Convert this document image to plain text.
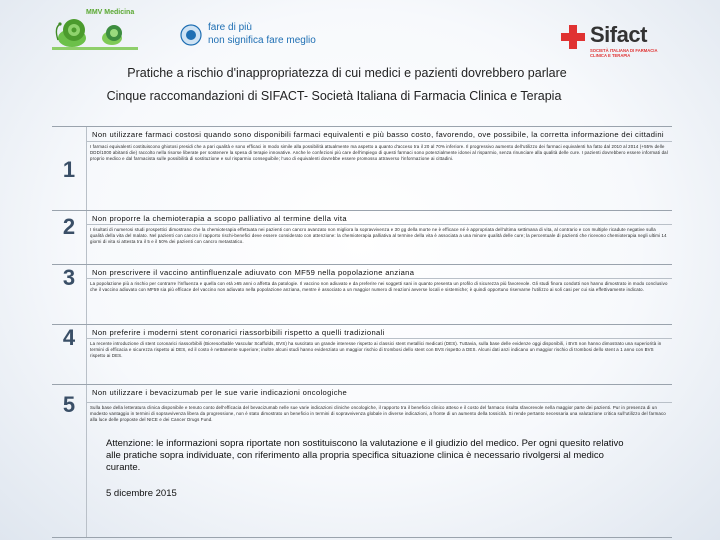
MMV Medicina
fare di più
non significa fare meglio	Sifact
SOCIETÀ ITALIANA DI FARMACIA CLINICA E TERAPIA
Pratiche a rischio d'inappropriatezza di cui medici e pazienti dovrebbero parlare
Cinque raccomandazioni di SIFACT- Società Italiana di Farmacia Clinica e Terapia
1
Non utilizzare farmaci costosi quando sono disponibili farmaci equivalenti e più basso costo, favorendo, ove possibile, la corretta informazione dei cittadini
I farmaci equivalenti costituiscono ghiotosi presidi che a pari qualità e sono efficaci in modo simile alla possibilità attualmente ma aspetto a quanto d'acceso tra il 20 al 70% inferiore. Il progressivo aumento dell'utilizzo dei farmaci equivalenti ha fatto dal 2010 al 2014 (+55% delle DDD/1000 abitanti die) raccolto nella risorse liberate per sostenere la spesa di terapie innovative. Anche le confezioni più care dell'impiego di questi farmaci sono potenzialmente idonei al risparmio, senza rinunciare alla qualità delle cure. I pazienti dovrebbero essere informati dal proprio medico e dal farmacista sulle possibilità di sostituzione e sul risparmio conseguibile; l'uso di equivalenti dovrebbe essere promosso attraverso l'informazione ai cittadini.
2	Non proporre la chemioterapia a scopo palliativo al termine della vita
I risultati di numerosi studi prospettici dimostrano che la chemioterapia effettuata nei pazienti con cancro avanzato non migliora la sopravvivenza e 30 gg della morte ne è efficace né è appropriata dell'ultima settimana di vita, al contrario e con multiple ricadute negative sulla qualità della vita del malato. Nel pazienti con cancro il rapporto rischi-benefici deve essere considerato con attenzione: la chemioterapia palliativa al termine della vita è associata a una minore qualità delle cure; la percentuale di pazienti che ricevono chemioterapia negli ultimi 14 giorni di vita si attesta tra il 5 e il 50% dei pazienti con cancro metastatico.
3	Non prescrivere il vaccino antinfluenzale adiuvato con MF59 nella popolazione anziana
La popolazione più a rischio per contrarre l'influenza e quella con età ≥65 anni o affetta da patologie. Il vaccino non adiuvato e da preferire nei soggetti sani in quanto presenta un profilo di sicurezza più favorevole. Gli studi finora condotti non hanno dimostrato in modo conclusivo che il vaccino adiuvato con MF59 sia più efficace del vaccino non adiuvato nella popolazione anziana, mentre è associato a un maggior numero di reazioni avverse locali e sistemiche; è quindi opportuno riservarne l'utilizzo ai soli casi per cui sia effettivamente indicato.
4	Non preferire i moderni stent coronarici riassorbibili rispetto a quelli tradizionali
La recente introduzione di stent coronarici riassorbibili (Bioresorbable Vascular Scaffolds, BVS) ha suscitato un grande interesse rispetto ai classici stent metallici medicati (DES). Tuttavia, sulla base delle evidenze oggi disponibili, i BVS non hanno dimostrato una superiorità in termini di efficacia e sicurezza rispetto ai DES, ed il costo è nettamente superiore; inoltre alcuni studi hanno evidenziato un maggior rischio di trombosi dello stent con BVS rispetto a DES. Alcuni dati anzi indicano un maggior rischio di trombosi dello stent a 1 anno con BVS rispetto ai DES.
5	Non utilizzare i bevacizumab per le sue varie indicazioni oncologiche
Sulla base della letteratura clinica disponibile e tenuto conto dell'efficacia del bevacizumab nelle sue varie indicazioni cliniche oncologiche, il rapporto tra il beneficio clinico atteso e il costo del farmaco risulta sfavorevole nella maggior parte dei pazienti. Pur in presenza di un modesto vantaggio in termini di sopravvivenza libera da progressione, non è stato dimostrato un beneficio in termini di sopravvivenza globale in diverse indicazioni, a fronte di un aumento della tossicità. Si rende pertanto necessaria una valutazione critica sull'utilizzo del farmaco alla luce delle proposte del NICE e dei Cancer Drugs Fund.
Attenzione: le informazioni sopra riportate non sostituiscono la valutazione e il giudizio del medico. Per ogni quesito relativo alle pratiche sopra individuate, con riferimento alla propria specifica situazione clinica è necessario rivolgersi al medico curante.
5 dicembre 2015
